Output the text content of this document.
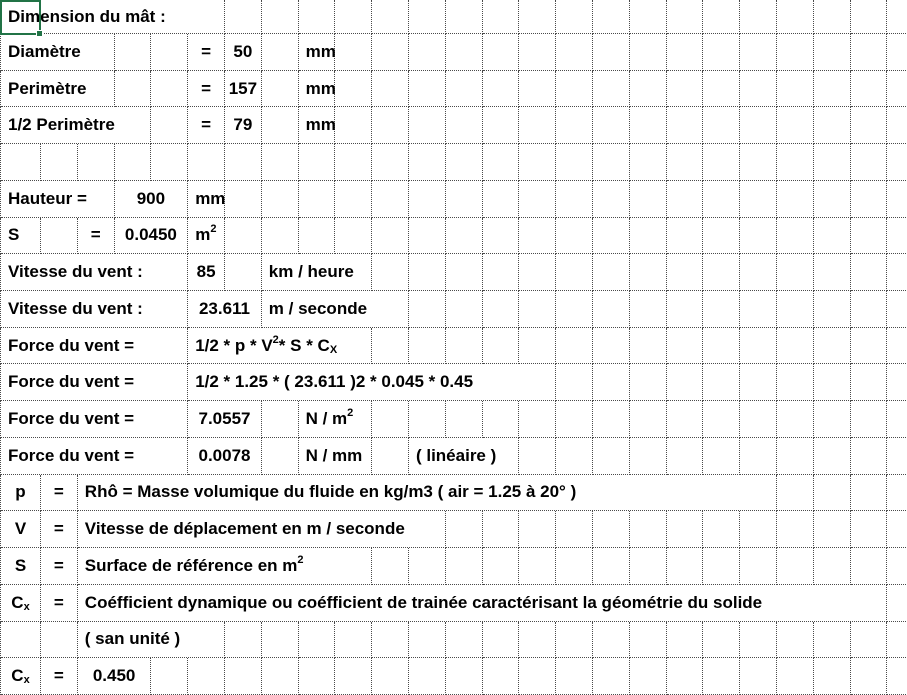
Dimension du mât :
Diamètre	=	50	mm
Perimètre	=	157	mm
1/2 Perimètre	=	79	mm
Hauteur =	900	mm
S	=	0.0450	$m^2$
Vitesse du vent :	85	km / heure
Vitesse du vent :	23.611	m / seconde
Force du vent =	1/2 * p * $V^2$ * S * $C_X$
Force du vent =	1/2 * 1.25 * ( 23.611 )2 * 0.045 * 0.45
Force du vent =	7.0557	N / $m^2$
Force du vent =	0.0078	N / mm	( linéaire )
p	=	Rhô = Masse volumique du fluide en kg/m3 ( air = 1.25 à 20° )
V	=	Vitesse de déplacement en m / seconde
S	=	Surface de référence en $m^2$
$C_x$	=	Coéfficient dynamique ou coéfficient de trainée caractérisant la géométrie du solide
( san unité )
$C_x$	=	0.450
